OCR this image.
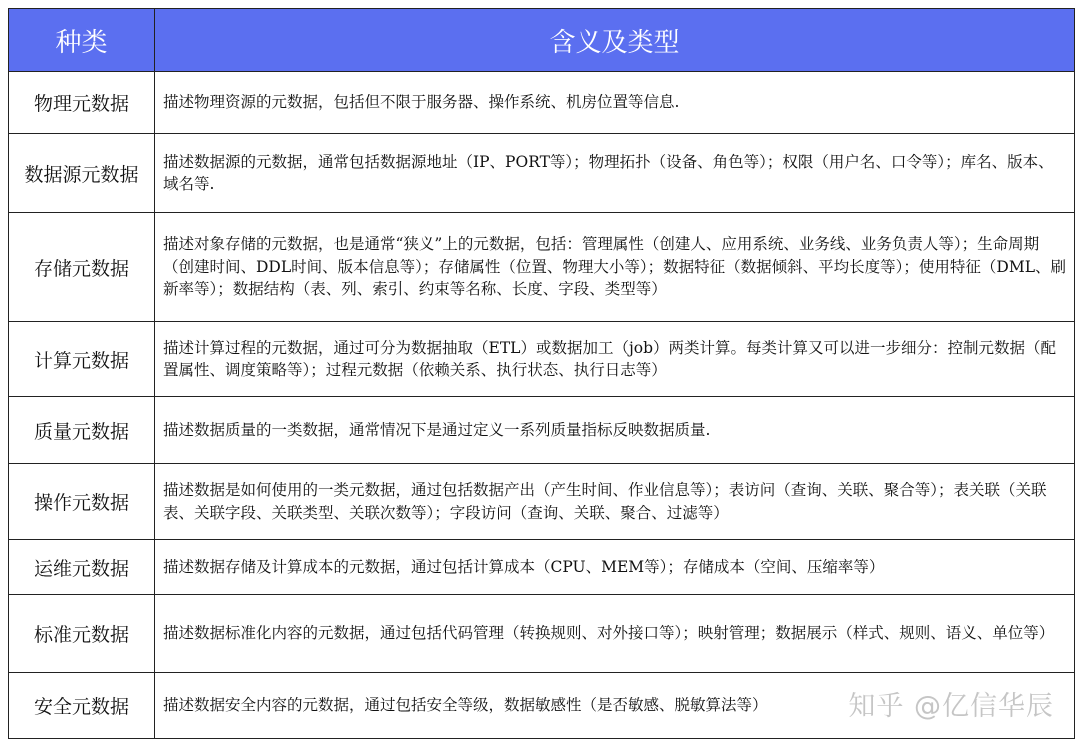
种类	含义及类型
物理元数据	描述物理资源的元数据，包括但不限于服务器、操作系统、机房位置等信息.
数据源元数据	描述数据源的元数据，通常包括数据源地址（IP、PORT等）；物理拓扑（设备、角色等）；权限（用户名、口令等）；库名、版本、域名等.
存储元数据	描述对象存储的元数据，也是通常“狭义”上的元数据，包括：管理属性（创建人、应用系统、业务线、业务负责人等）；生命周期（创建时间、DDL时间、版本信息等）；存储属性（位置、物理大小等）；数据特征（数据倾斜、平均长度等）；使用特征（DML、刷新率等）；数据结构（表、列、索引、约束等名称、长度、字段、类型等）
计算元数据	描述计算过程的元数据，通过可分为数据抽取（ETL）或数据加工（job）两类计算。每类计算又可以进一步细分：控制元数据（配置属性、调度策略等）；过程元数据（依赖关系、执行状态、执行日志等）
质量元数据	描述数据质量的一类数据，通常情况下是通过定义一系列质量指标反映数据质量.
操作元数据	描述数据是如何使用的一类元数据，通过包括数据产出（产生时间、作业信息等）；表访问（查询、关联、聚合等）；表关联（关联表、关联字段、关联类型、关联次数等）；字段访问（查询、关联、聚合、过滤等）
运维元数据	描述数据存储及计算成本的元数据，通过包括计算成本（CPU、MEM等）；存储成本（空间、压缩率等）
标准元数据	描述数据标准化内容的元数据，通过包括代码管理（转换规则、对外接口等）；映射管理；数据展示（样式、规则、语义、单位等）
安全元数据	描述数据安全内容的元数据，通过包括安全等级，数据敏感性（是否敏感、脱敏算法等）	知乎 @亿信华辰
